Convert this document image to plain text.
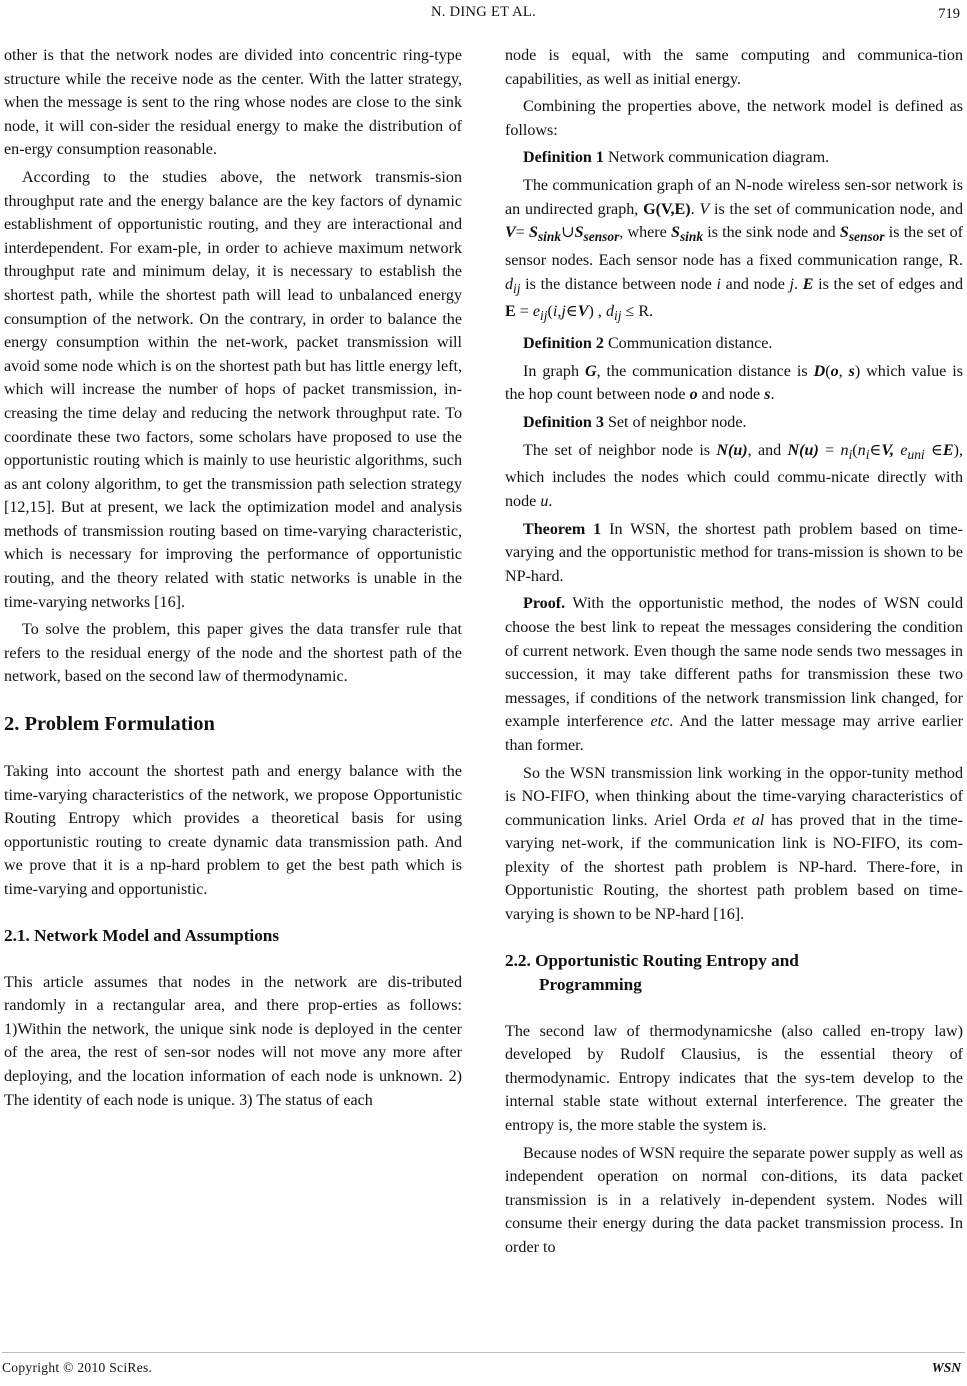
N. DING ET AL.	719

other is that the network nodes are divided into concentric ring-type structure while the receive node as the center. With the latter strategy, when the message is sent to the ring whose nodes are close to the sink node, it will con-sider the residual energy to make the distribution of en-ergy consumption reasonable.

According to the studies above, the network transmis-sion throughput rate and the energy balance are the key factors of dynamic establishment of opportunistic routing, and they are interactional and interdependent. For exam-ple, in order to achieve maximum network throughput rate and minimum delay, it is necessary to establish the shortest path, while the shortest path will lead to unbalanced energy consumption of the network. On the contrary, in order to balance the energy consumption within the net-work, packet transmission will avoid some node which is on the shortest path but has little energy left, which will increase the number of hops of packet transmission, in-creasing the time delay and reducing the network throughput rate. To coordinate these two factors, some scholars have proposed to use the opportunistic routing which is mainly to use heuristic algorithms, such as ant colony algorithm, to get the transmission path selection strategy [12,15]. But at present, we lack the optimization model and analysis methods of transmission routing based on time-varying characteristic, which is necessary for improving the performance of opportunistic routing, and the theory related with static networks is unable in the time-varying networks [16].

To solve the problem, this paper gives the data transfer rule that refers to the residual energy of the node and the shortest path of the network, based on the second law of thermodynamic.

2. Problem Formulation

Taking into account the shortest path and energy balance with the time-varying characteristics of the network, we propose Opportunistic Routing Entropy which provides a theoretical basis for using opportunistic routing to create dynamic data transmission path. And we prove that it is a np-hard problem to get the best path which is time-varying and opportunistic.

2.1. Network Model and Assumptions

This article assumes that nodes in the network are dis-tributed randomly in a rectangular area, and there prop-erties as follows: 1)Within the network, the unique sink node is deployed in the center of the area, the rest of sen-sor nodes will not move any more after deploying, and the location information of each node is unknown. 2) The identity of each node is unique. 3) The status of each

node is equal, with the same computing and communica-tion capabilities, as well as initial energy.

Combining the properties above, the network model is defined as follows:

Definition 1 Network communication diagram.

The communication graph of an N-node wireless sen-sor network is an undirected graph, G(V,E). V is the set of communication node, and $V= S_{sink}\cup S_{sensor}$, where $S_{sink}$ is the sink node and $S_{sensor}$ is the set of sensor nodes. Each sensor node has a fixed communication range, R. $d_{ij}$ is the distance between node i and node j. E is the set of edges and $E = e_{ij}(i,j\in V)$ , $d_{ij} \le R$.

Definition 2 Communication distance.

In graph G, the communication distance is D(o, s) which value is the hop count between node o and node s.

Definition 3 Set of neighbor node.

The set of neighbor node is N(u), and $N(u) = n_i(n_i\in V$, $e_{uni}$ ∈E), which includes the nodes which could commu-nicate directly with node u.

Theorem 1 In WSN, the shortest path problem based on time-varying and the opportunistic method for trans-mission is shown to be NP-hard.

Proof. With the opportunistic method, the nodes of WSN could choose the best link to repeat the messages considering the condition of current network. Even though the same node sends two messages in succession, it may take different paths for transmission these two messages, if conditions of the network transmission link changed, for example interference etc. And the latter message may arrive earlier than former.

So the WSN transmission link working in the oppor-tunity method is NO-FIFO, when thinking about the time-varying characteristics of communication links. Ariel Orda et al has proved that in the time-varying net-work, if the communication link is NO-FIFO, its com-plexity of the shortest path problem is NP-hard. There-fore, in Opportunistic Routing, the shortest path problem based on time-varying is shown to be NP-hard [16].

2.2. Opportunistic Routing Entropy and
Programming

The second law of thermodynamicshe (also called en-tropy law) developed by Rudolf Clausius, is the essential theory of thermodynamic. Entropy indicates that the sys-tem develop to the internal stable state without external interference. The greater the entropy is, the more stable the system is.

Because nodes of WSN require the separate power supply as well as independent operation on normal con-ditions, its data packet transmission is in a relatively in-dependent system. Nodes will consume their energy during the data packet transmission process. In order to

Copyright © 2010 SciRes.	WSN
